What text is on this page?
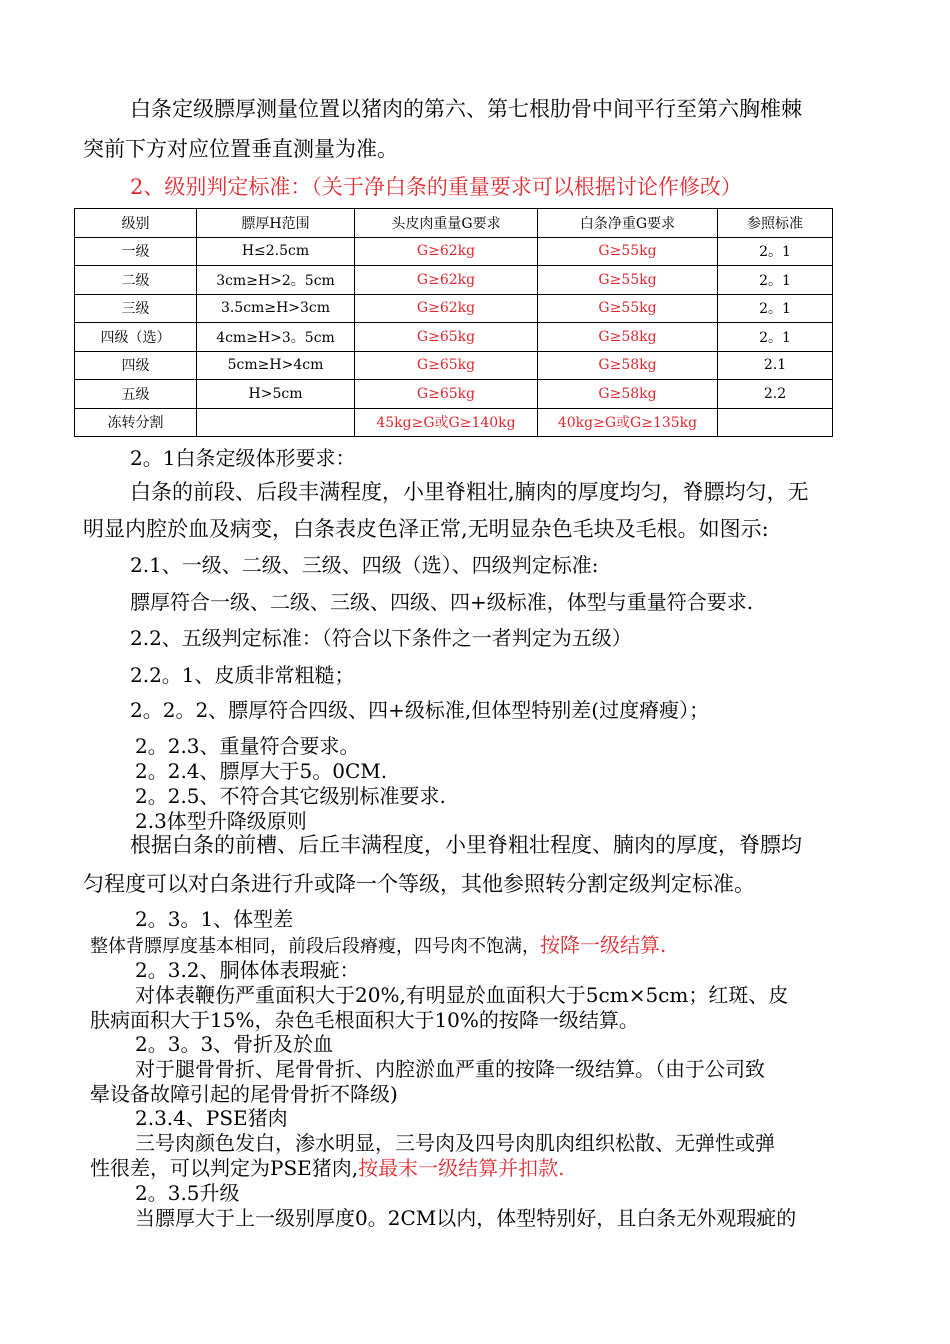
白条定级膘厚测量位置以猪肉的第六、第七根肋骨中间平行至第六胸椎棘
突前下方对应位置垂直测量为准。
2、级别判定标准：（关于净白条的重量要求可以根据讨论作修改）
级别	膘厚H范围	头皮肉重量G要求	白条净重G要求	参照标准
一级	H≤2.5cm	G≥62kg	G≥55kg	2。1
二级	3cm≥H>2。5cm	G≥62kg	G≥55kg	2。1
三级	3.5cm≥H>3cm	G≥62kg	G≥55kg	2。1
四级（选）	4cm≥H>3。5cm	G≥65kg	G≥58kg	2。1
四级	5cm≥H>4cm	G≥65kg	G≥58kg	2.1
五级	H>5cm	G≥65kg	G≥58kg	2.2
冻转分割		45kg≥G或G≥140kg	40kg≥G或G≥135kg	
2。1白条定级体形要求：
白条的前段、后段丰满程度，小里脊粗壮,腩肉的厚度均匀，脊膘均匀，无
明显内腔於血及病变，白条表皮色泽正常,无明显杂色毛块及毛根。如图示:
2.1、一级、二级、三级、四级（选）、四级判定标准:
膘厚符合一级、二级、三级、四级、四+级标准，体型与重量符合要求.
2.2、五级判定标准：（符合以下条件之一者判定为五级）
2.2。1、皮质非常粗糙；
2。2。2、膘厚符合四级、四+级标准,但体型特别差(过度瘠瘦）；
2。2.3、重量符合要求。
2。2.4、膘厚大于5。0CM.
2。2.5、不符合其它级别标准要求.
2.3体型升降级原则
根据白条的前槽、后丘丰满程度，小里脊粗壮程度、腩肉的厚度，脊膘均
匀程度可以对白条进行升或降一个等级，其他参照转分割定级判定标准。
2。3。1、体型差
整体背膘厚度基本相同，前段后段瘠瘦，四号肉不饱满，按降一级结算.
2。3.2、胴体体表瑕疵：
对体表鞭伤严重面积大于20%,有明显於血面积大于5cm×5cm；红斑、皮
肤病面积大于15%，杂色毛根面积大于10%的按降一级结算。
2。3。3、骨折及於血
对于腿骨骨折、尾骨骨折、内腔淤血严重的按降一级结算。（由于公司致
晕设备故障引起的尾骨骨折不降级)
2.3.4、PSE猪肉
三号肉颜色发白，渗水明显，三号肉及四号肉肌肉组织松散、无弹性或弹
性很差，可以判定为PSE猪肉,按最末一级结算并扣款.
2。3.5升级
当膘厚大于上一级别厚度0。2CM以内，体型特别好，且白条无外观瑕疵的
